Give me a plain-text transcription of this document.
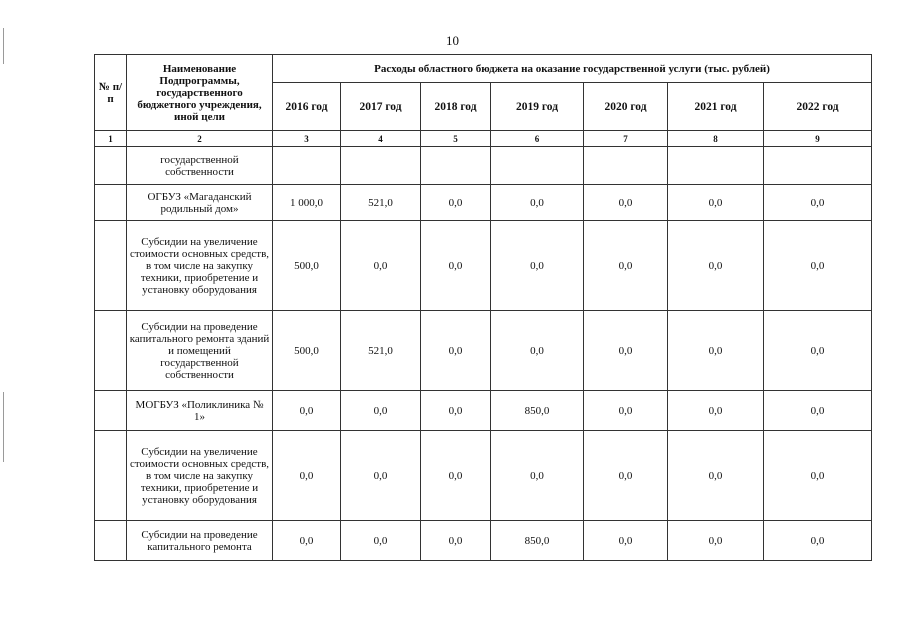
10
№ п/п	Наименование Подпрограммы, государственного бюджетного учреждения, иной цели	Расходы областного бюджета на оказание государственной услуги (тыс. рублей)						
		2016 год	2017 год	2018 год	2019 год	2020 год	2021 год	2022 год
1	2	3	4	5	6	7	8	9
	государственной собственности							
	ОГБУЗ «Магаданский родильный дом»	1 000,0	521,0	0,0	0,0	0,0	0,0	0,0
	Субсидии на увеличение стоимости основных средств, в том числе на закупку техники, приобретение и установку оборудования	500,0	0,0	0,0	0,0	0,0	0,0	0,0
	Субсидии на проведение капитального ремонта зданий и помещений государственной собственности	500,0	521,0	0,0	0,0	0,0	0,0	0,0
	МОГБУЗ «Поликлиника № 1»	0,0	0,0	0,0	850,0	0,0	0,0	0,0
	Субсидии на увеличение стоимости основных средств, в том числе на закупку техники, приобретение и установку оборудования	0,0	0,0	0,0	0,0	0,0	0,0	0,0
	Субсидии на проведение капитального ремонта	0,0	0,0	0,0	850,0	0,0	0,0	0,0
